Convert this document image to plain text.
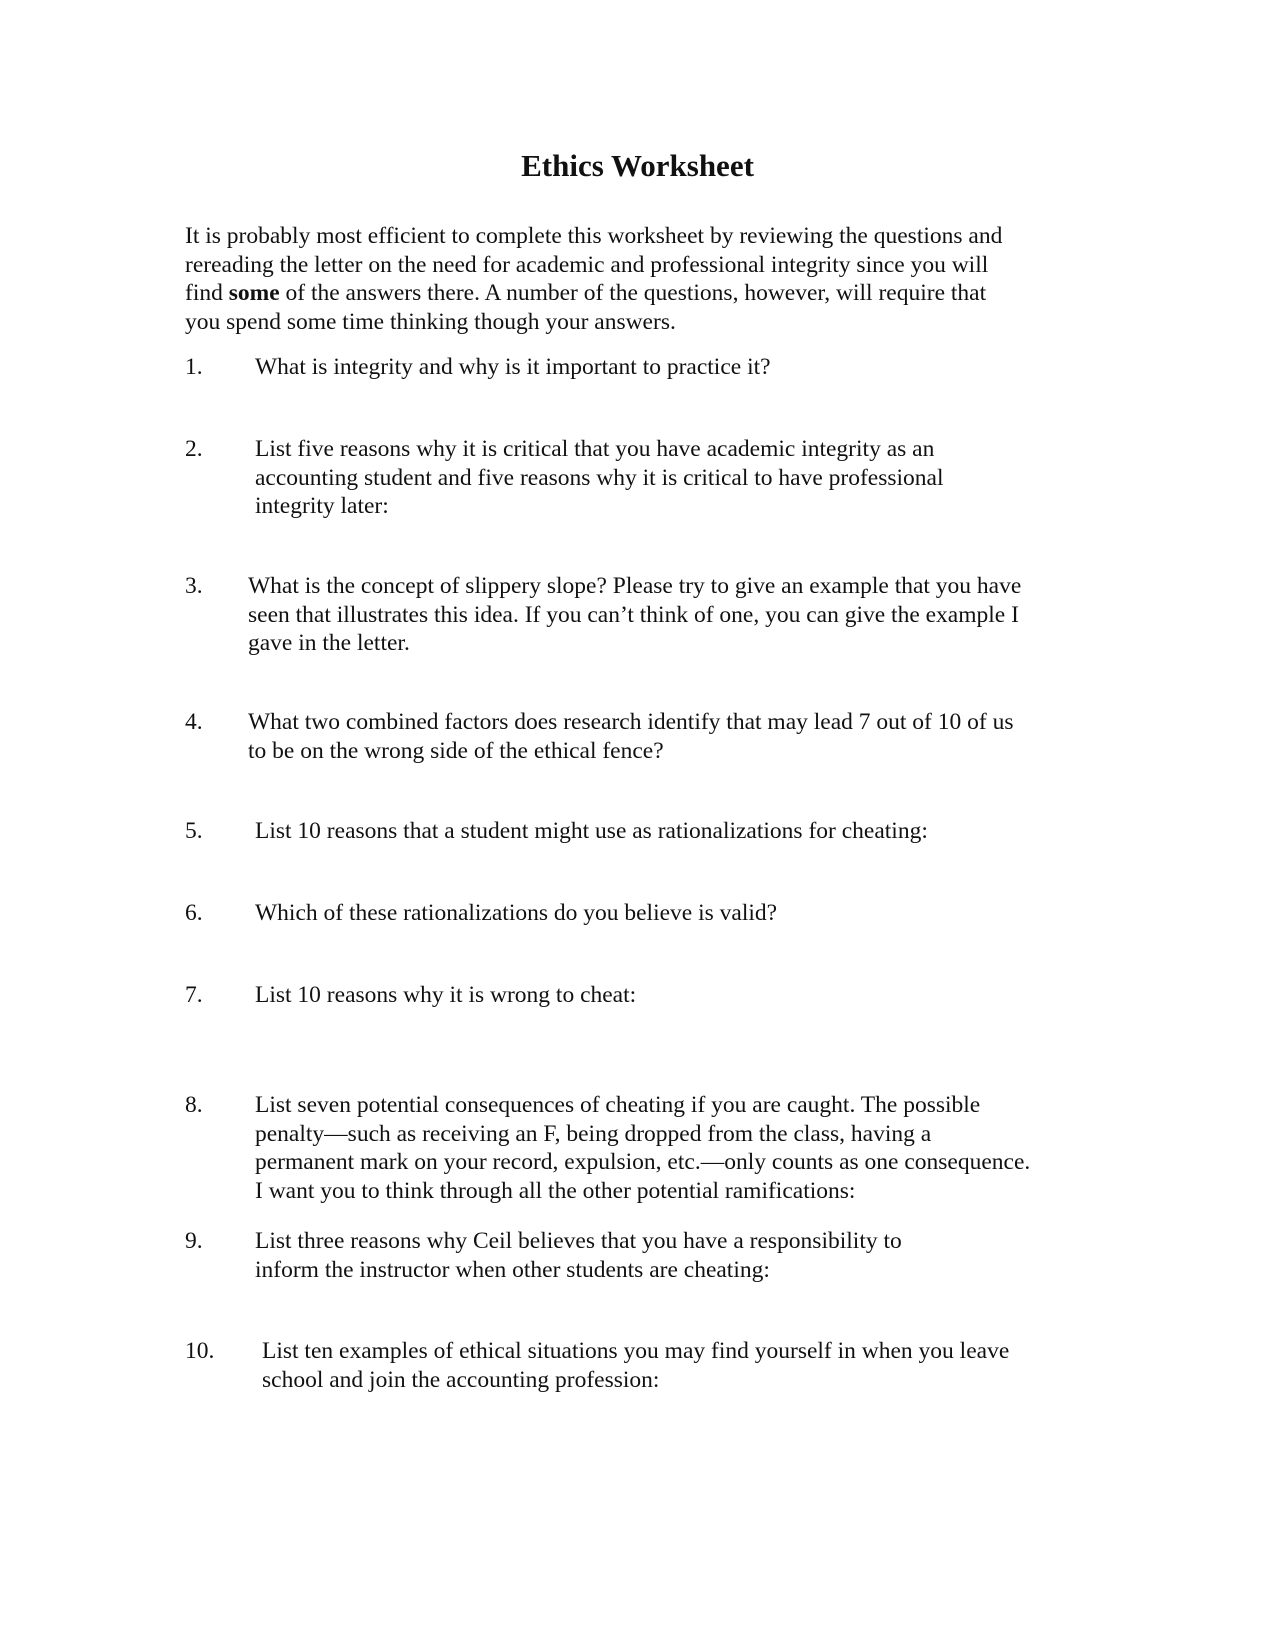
Ethics Worksheet

It is probably most efficient to complete this worksheet by reviewing the questions and
rereading the letter on the need for academic and professional integrity since you will
find some of the answers there. A number of the questions, however, will require that
you spend some time thinking though your answers.

1. What is integrity and why is it important to practice it?
2. List five reasons why it is critical that you have academic integrity as an
accounting student and five reasons why it is critical to have professional
integrity later:
3. What is the concept of slippery slope? Please try to give an example that you have
seen that illustrates this idea. If you can’t think of one, you can give the example I
gave in the letter.
4. What two combined factors does research identify that may lead 7 out of 10 of us
to be on the wrong side of the ethical fence?
5. List 10 reasons that a student might use as rationalizations for cheating:
6. Which of these rationalizations do you believe is valid?
7. List 10 reasons why it is wrong to cheat:
8. List seven potential consequences of cheating if you are caught. The possible
penalty—such as receiving an F, being dropped from the class, having a
permanent mark on your record, expulsion, etc.—only counts as one consequence.
I want you to think through all the other potential ramifications:
9. List three reasons why Ceil believes that you have a responsibility to
inform the instructor when other students are cheating:
10. List ten examples of ethical situations you may find yourself in when you leave
school and join the accounting profession:
